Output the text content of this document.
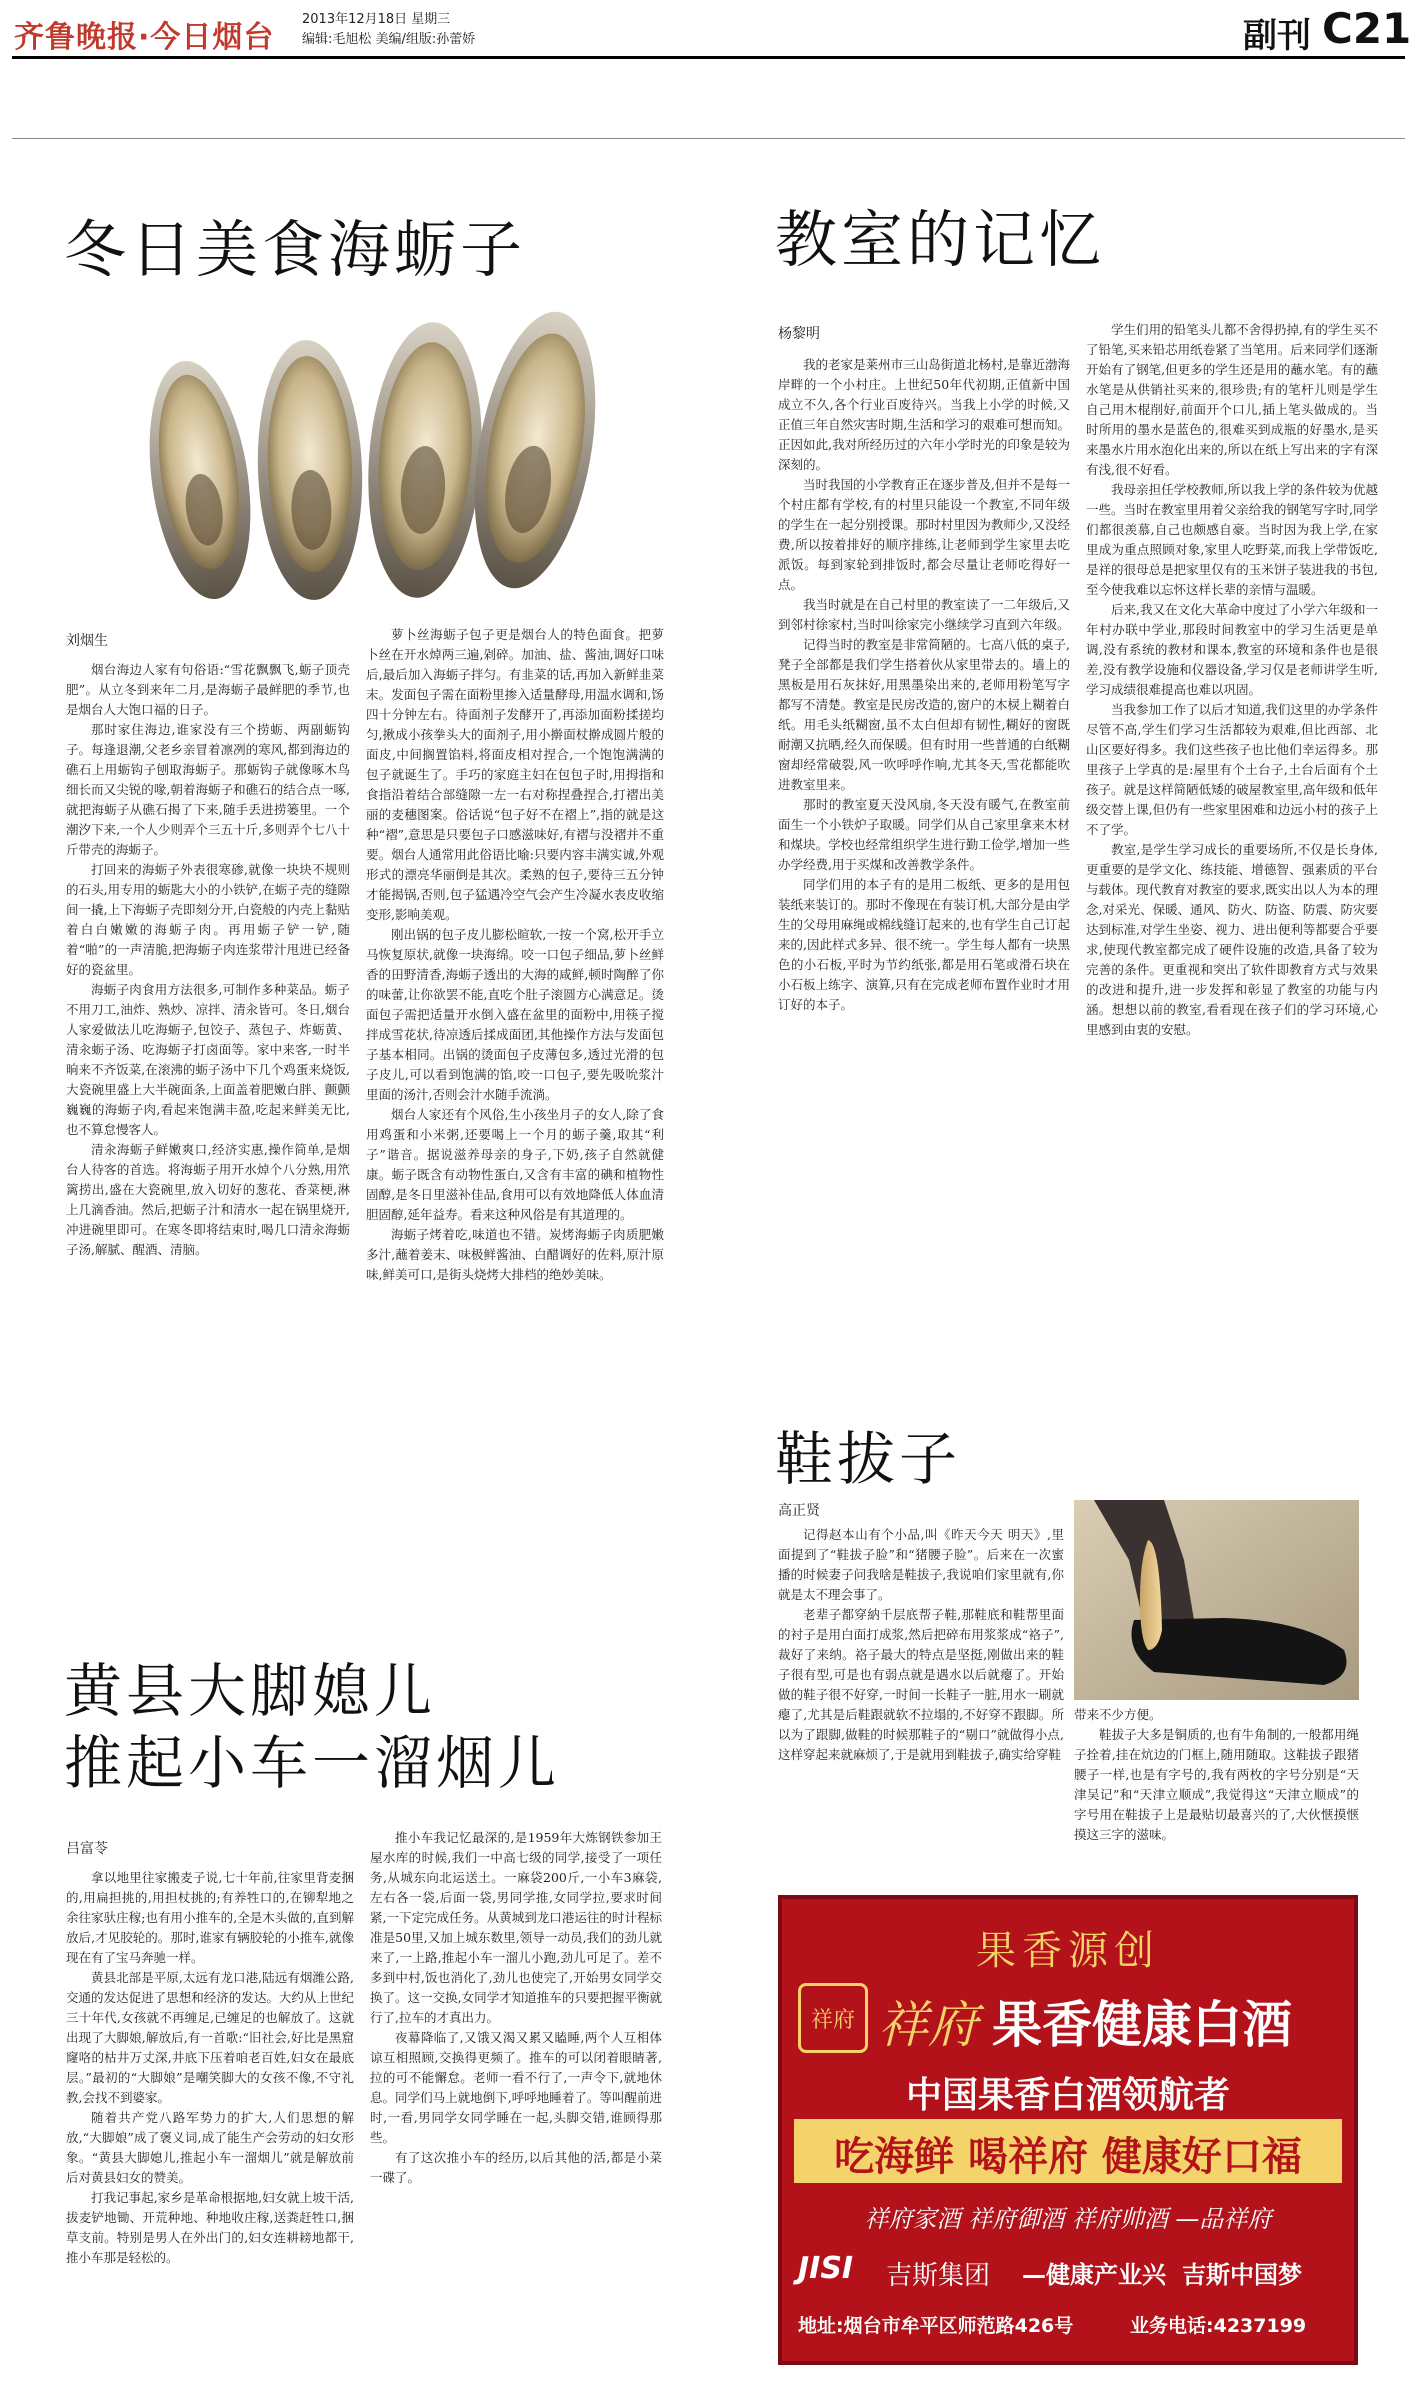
齐鲁晚报·今日烟台
2013年12月18日 星期三
编辑:毛旭松 美编/组版:孙蕾娇	副刊 C21
冬日美食海蛎子
刘烟生

烟台海边人家有句俗语:“雪花飘飘飞,蛎子顶壳肥”。从立冬到来年二月,是海蛎子最鲜肥的季节,也是烟台人大饱口福的日子。

那时家住海边,谁家没有三个捞蛎、两副蛎钩子。每逢退潮,父老乡亲冒着凛冽的寒风,都到海边的礁石上用蛎钩子刨取海蛎子。那蛎钩子就像啄木鸟细长而又尖锐的喙,朝着海蛎子和礁石的结合点一啄,就把海蛎子从礁石揭了下来,随手丢进捞篓里。一个潮汐下来,一个人少则弄个三五十斤,多则弄个七八十斤带壳的海蛎子。

打回来的海蛎子外表很寒碜,就像一块块不规则的石头,用专用的蛎匙大小的小铁铲,在蛎子壳的缝隙间一撬,上下海蛎子壳即刻分开,白瓷般的内壳上黏贴着白白嫩嫩的海蛎子肉。再用蛎子铲一铲,随着“啪”的一声清脆,把海蛎子肉连浆带汁甩进已经备好的瓷盆里。

海蛎子肉食用方法很多,可制作多种菜品。蛎子不用刀工,油炸、熟炒、凉拌、清汆皆可。冬日,烟台人家爱做法儿吃海蛎子,包饺子、蒸包子、炸蛎黄、清汆蛎子汤、吃海蛎子打卤面等。家中来客,一时半晌来不齐饭菜,在滚沸的蛎子汤中下几个鸡蛋来烧饭,大瓷碗里盛上大半碗面条,上面盖着肥嫩白胖、颤颤巍巍的海蛎子肉,看起来饱满丰盈,吃起来鲜美无比,也不算怠慢客人。

清汆海蛎子鲜嫩爽口,经济实惠,操作简单,是烟台人待客的首选。将海蛎子用开水焯个八分熟,用笊篱捞出,盛在大瓷碗里,放入切好的葱花、香菜梗,淋上几滴香油。然后,把蛎子汁和清水一起在锅里烧开,冲进碗里即可。在寒冬即将结束时,喝几口清汆海蛎子汤,解腻、醒酒、清脑。

萝卜丝海蛎子包子更是烟台人的特色面食。把萝卜丝在开水焯两三遍,剁碎。加油、盐、酱油,调好口味后,最后加入海蛎子拌匀。有韭菜的话,再加入新鲜韭菜末。发面包子需在面粉里掺入适量酵母,用温水调和,饧四十分钟左右。待面剂子发酵开了,再添加面粉揉搓均匀,揪成小孩拳头大的面剂子,用小擀面杖擀成圆片般的面皮,中间搁置馅料,将面皮相对捏合,一个饱饱满满的包子就诞生了。手巧的家庭主妇在包包子时,用拇指和食指沿着结合部缝隙一左一右对称捏叠捏合,打褶出美丽的麦穗图案。俗话说“包子好不在褶上”,指的就是这种“褶”,意思是只要包子口感滋味好,有褶与没褶并不重要。烟台人通常用此俗语比喻:只要内容丰满实诚,外观形式的漂亮华丽倒是其次。柔熟的包子,要待三五分钟才能揭锅,否则,包子猛遇冷空气会产生冷凝水表皮收缩变形,影响美观。

刚出锅的包子皮儿膨松暄软,一按一个窝,松开手立马恢复原状,就像一块海绵。咬一口包子细品,萝卜丝鲜香的田野清香,海蛎子透出的大海的咸鲜,顿时陶醉了你的味蕾,让你欲罢不能,直吃个肚子滚圆方心满意足。烫面包子需把适量开水倒入盛在盆里的面粉中,用筷子搅拌成雪花状,待凉透后揉成面团,其他操作方法与发面包子基本相同。出锅的烫面包子皮薄包多,透过光滑的包子皮儿,可以看到饱满的馅,咬一口包子,要先吸吮浆汁里面的汤汁,否则会汁水随手流淌。

烟台人家还有个风俗,生小孩坐月子的女人,除了食用鸡蛋和小米粥,还要喝上一个月的蛎子羹,取其“利子”谐音。据说滋养母亲的身子,下奶,孩子自然就健康。蛎子既含有动物性蛋白,又含有丰富的碘和植物性固醇,是冬日里滋补佳品,食用可以有效地降低人体血清胆固醇,延年益寿。看来这种风俗是有其道理的。

海蛎子烤着吃,味道也不错。炭烤海蛎子肉质肥嫩多汁,蘸着姜末、味极鲜酱油、白醋调好的佐料,原汁原味,鲜美可口,是街头烧烤大排档的绝妙美味。

教室的记忆
杨黎明

我的老家是莱州市三山岛街道北杨村,是靠近渤海岸畔的一个小村庄。上世纪50年代初期,正值新中国成立不久,各个行业百废待兴。当我上小学的时候,又正值三年自然灾害时期,生活和学习的艰难可想而知。正因如此,我对所经历过的六年小学时光的印象是较为深刻的。

当时我国的小学教育正在逐步普及,但并不是每一个村庄都有学校,有的村里只能设一个教室,不同年级的学生在一起分别授课。那时村里因为教师少,又没经费,所以按着排好的顺序排练,让老师到学生家里去吃派饭。每到家轮到排饭时,都会尽量让老师吃得好一点。

我当时就是在自己村里的教室读了一二年级后,又到邻村徐家村,当时叫徐家完小继续学习直到六年级。

记得当时的教室是非常简陋的。七高八低的桌子,凳子全部都是我们学生搭着伙从家里带去的。墙上的黑板是用石灰抹好,用黑墨染出来的,老师用粉笔写字都写不清楚。教室是民房改造的,窗户的木棂上糊着白纸。用毛头纸糊窗,虽不太白但却有韧性,糊好的窗既耐潮又抗晒,经久而保暖。但有时用一些普通的白纸糊窗却经常破裂,风一吹呼呼作响,尤其冬天,雪花都能吹进教室里来。

那时的教室夏天没风扇,冬天没有暖气,在教室前面生一个小铁炉子取暖。同学们从自己家里拿来木材和煤块。学校也经常组织学生进行勤工俭学,增加一些办学经费,用于买煤和改善教学条件。

同学们用的本子有的是用二板纸、更多的是用包装纸来装订的。那时不像现在有装订机,大部分是由学生的父母用麻绳或棉线缝订起来的,也有学生自己订起来的,因此样式多异、很不统一。学生每人都有一块黑色的小石板,平时为节约纸张,都是用石笔或滑石块在小石板上练字、演算,只有在完成老师布置作业时才用订好的本子。

学生们用的铅笔头儿都不舍得扔掉,有的学生买不了铅笔,买来铅芯用纸卷紧了当笔用。后来同学们逐渐开始有了钢笔,但更多的学生还是用的蘸水笔。有的蘸水笔是从供销社买来的,很珍贵;有的笔杆儿则是学生自己用木棍削好,前面开个口儿,插上笔头做成的。当时所用的墨水是蓝色的,很难买到成瓶的好墨水,是买来墨水片用水泡化出来的,所以在纸上写出来的字有深有浅,很不好看。

我母亲担任学校教师,所以我上学的条件较为优越一些。当时在教室里用着父亲给我的钢笔写字时,同学们都很羡慕,自己也颇感自豪。当时因为我上学,在家里成为重点照顾对象,家里人吃野菜,而我上学带饭吃,是祥的很母总是把家里仅有的玉米饼子装进我的书包,至今使我难以忘怀这样长辈的亲情与温暖。

后来,我又在文化大革命中度过了小学六年级和一年村办联中学业,那段时间教室中的学习生活更是单调,没有系统的教材和课本,教室的环境和条件也是很差,没有教学设施和仪器设备,学习仅是老师讲学生听,学习成绩很难提高也难以巩固。

当我参加工作了以后才知道,我们这里的办学条件尽管不高,学生们学习生活都较为艰难,但比西部、北山区要好得多。我们这些孩子也比他们幸运得多。那里孩子上学真的是:屋里有个土台子,土台后面有个土孩子。就是这样简陋低矮的破屋教室里,高年级和低年级交替上课,但仍有一些家里困难和边远小村的孩子上不了学。

教室,是学生学习成长的重要场所,不仅是长身体,更重要的是学文化、练技能、增德智、强素质的平台与载体。现代教育对教室的要求,既实出以人为本的理念,对采光、保暖、通风、防火、防盗、防震、防灾要达到标准,对学生坐姿、视力、进出便利等都要合乎要求,使现代教室都完成了硬件设施的改造,具备了较为完善的条件。更重视和突出了软件即教育方式与效果的改进和提升,进一步发挥和彰显了教室的功能与内涵。想想以前的教室,看看现在孩子们的学习环境,心里感到由衷的安慰。

鞋拔子
高正贤

记得赵本山有个小品,叫《昨天今天 明天》,里面提到了“鞋拔子脸”和“猪腰子脸”。后来在一次蜜播的时候妻子问我啥是鞋拔子,我说咱们家里就有,你就是太不理会事了。

老辈子都穿納千层底帮子鞋,那鞋底和鞋帮里面的衬子是用白面打成浆,然后把碎布用浆浆成“袼子”,裁好了来纳。袼子最大的特点是坚挺,刚做出来的鞋子很有型,可是也有弱点就是遇水以后就瘪了。开始做的鞋子很不好穿,一时间一长鞋子一脏,用水一刷就瘪了,尤其是后鞋跟就软不拉塌的,不好穿不跟脚。所以为了跟脚,做鞋的时候那鞋子的“剔口”就做得小点,这样穿起来就麻烦了,于是就用到鞋拔子,确实给穿鞋

带来不少方便。

鞋拔子大多是铜质的,也有牛角制的,一般都用绳子拴着,挂在炕边的门框上,随用随取。这鞋拔子跟猪腰子一样,也是有字号的,我有两枚的字号分别是“天津吴记”和“天津立顺成”,我觉得这“天津立顺成”的字号用在鞋拔子上是最贴切最喜兴的了,大伙惬摸惬摸这三字的滋味。

黄县大脚媳儿
推起小车一溜烟儿
吕富苓

拿以地里往家搬麦子说,七十年前,往家里背麦捆的,用扁担挑的,用担杖挑的;有养牲口的,在铆犁地之余往家驮庄稼;也有用小推车的,全是木头做的,直到解放后,才见胶轮的。那时,谁家有辆胶轮的小推车,就像现在有了宝马奔驰一样。

黄县北部是平原,太远有龙口港,陆远有烟潍公路,交通的发达促进了思想和经济的发达。大约从上世纪三十年代,女孩就不再缠足,已缠足的也解放了。这就出现了大脚娘,解放后,有一首歌:“旧社会,好比是黑窟窿咯的枯井万丈深,井底下压着咱老百姓,妇女在最底层。”最初的“大脚娘”是嘲笑脚大的女孩不像,不守礼教,会找不到婆家。

随着共产党八路军势力的扩大,人们思想的解放,“大脚娘”成了褒义词,成了能生产会劳动的妇女形象。“黄县大脚媳儿,推起小车一溜烟儿”就是解放前后对黄县妇女的赞美。

打我记事起,家乡是革命根据地,妇女就上坡干活,拔麦铲地锄、开荒种地、种地收庄稼,送粪赶牲口,捆草支前。特别是男人在外出门的,妇女连耕耪地都干,推小车那是轻松的。

推小车我记忆最深的,是1959年大炼钢铁参加王屋水库的时候,我们一中高七级的同学,接受了一项任务,从城东向北运送土。一麻袋200斤,一小车3麻袋,左右各一袋,后面一袋,男同学推,女同学拉,要求时间紧,一下定完成任务。从黄城到龙口港运往的时计程标准是50里,又加上城东数里,领导一动员,我们的劲儿就来了,一上路,推起小车一溜儿小跑,劲儿可足了。差不多到中村,饭也消化了,劲儿也使完了,开始男女同学交换了。这一交换,女同学才知道推车的只要把握平衡就行了,拉车的才真出力。

夜幕降临了,又饿又渴又累又瞌睡,两个人互相体谅互相照顾,交换得更频了。推车的可以闭着眼睛著,拉的可不能懈怠。老师一看不行了,一声令下,就地休息。同学们马上就地倒下,呼呼地睡着了。等叫醒前进时,一看,男同学女同学睡在一起,头脚交错,谁顾得那些。

有了这次推小车的经历,以后其他的活,都是小菜一碟了。

果香源创
祥府 祥府 果香健康白酒
中国果香白酒领航者
吃海鲜 喝祥府 健康好口福
祥府家酒 祥府御酒 祥府帅酒 —品祥府
JISI 吉斯集团 —健康产业兴 吉斯中国梦
地址:烟台市牟平区师范路426号	业务电话:4237199
